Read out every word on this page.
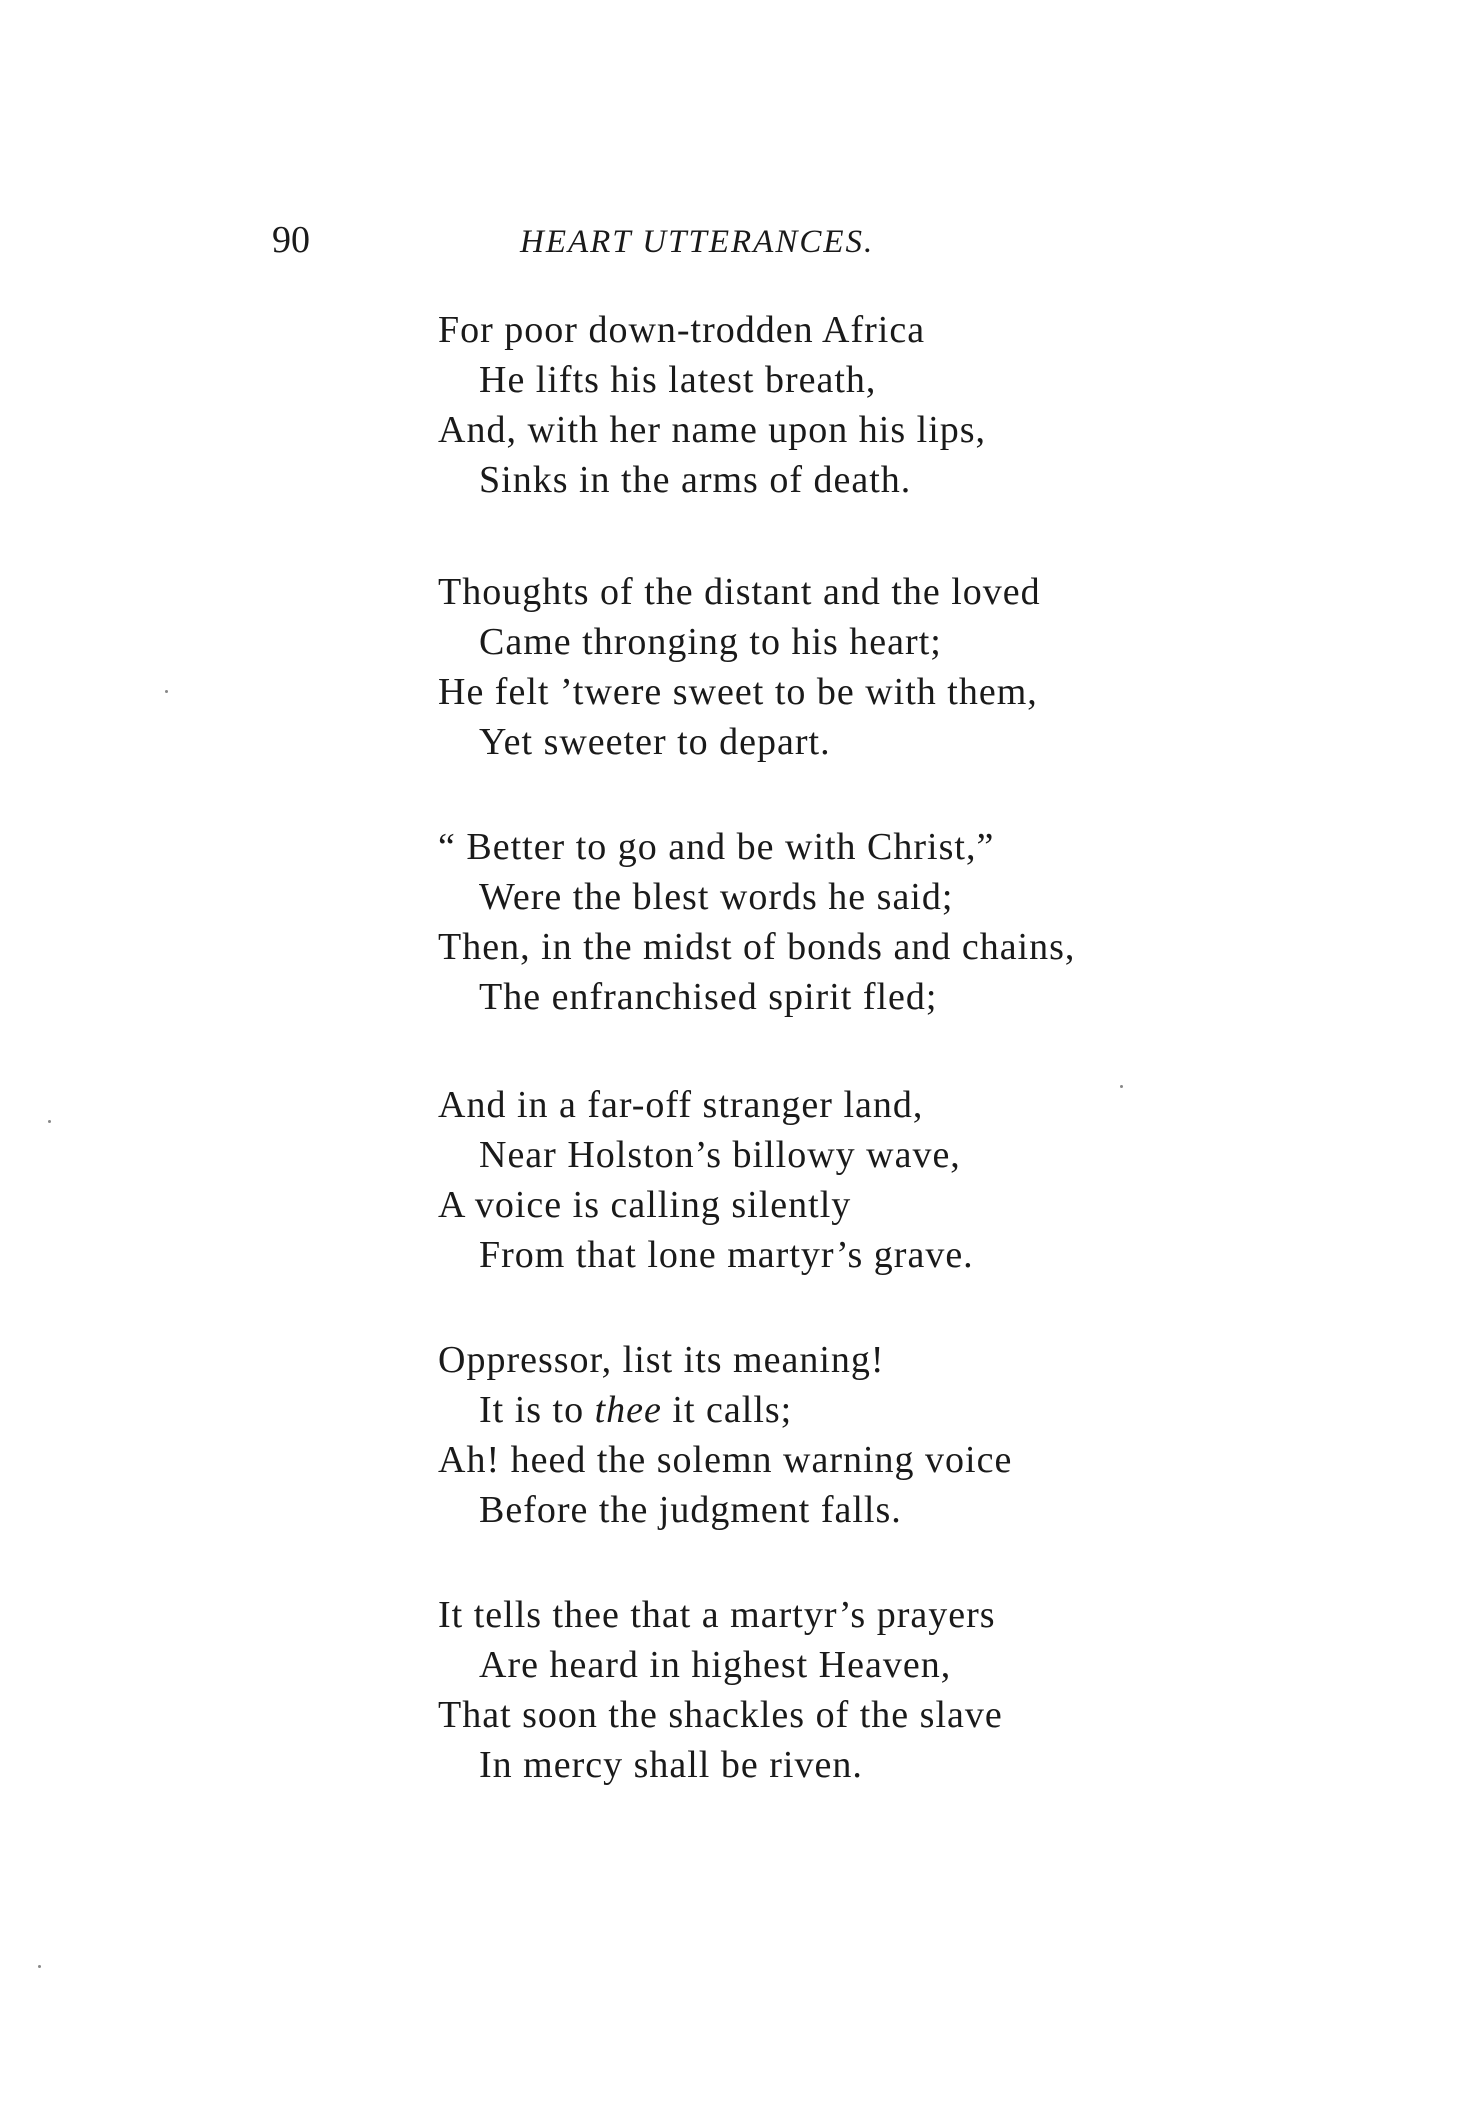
90	HEART UTTERANCES.
For poor down-trodden Africa
He lifts his latest breath,
And, with her name upon his lips,
Sinks in the arms of death.
Thoughts of the distant and the loved
Came thronging to his heart;
He felt ’twere sweet to be with them,
Yet sweeter to depart.
“ Better to go and be with Christ,”
Were the blest words he said;
Then, in the midst of bonds and chains,
The enfranchised spirit fled;
And in a far-off stranger land,
Near Holston’s billowy wave,
A voice is calling silently
From that lone martyr’s grave.
Oppressor, list its meaning!
It is to thee it calls;
Ah! heed the solemn warning voice
Before the judgment falls.
It tells thee that a martyr’s prayers
Are heard in highest Heaven,
That soon the shackles of the slave
In mercy shall be riven.
